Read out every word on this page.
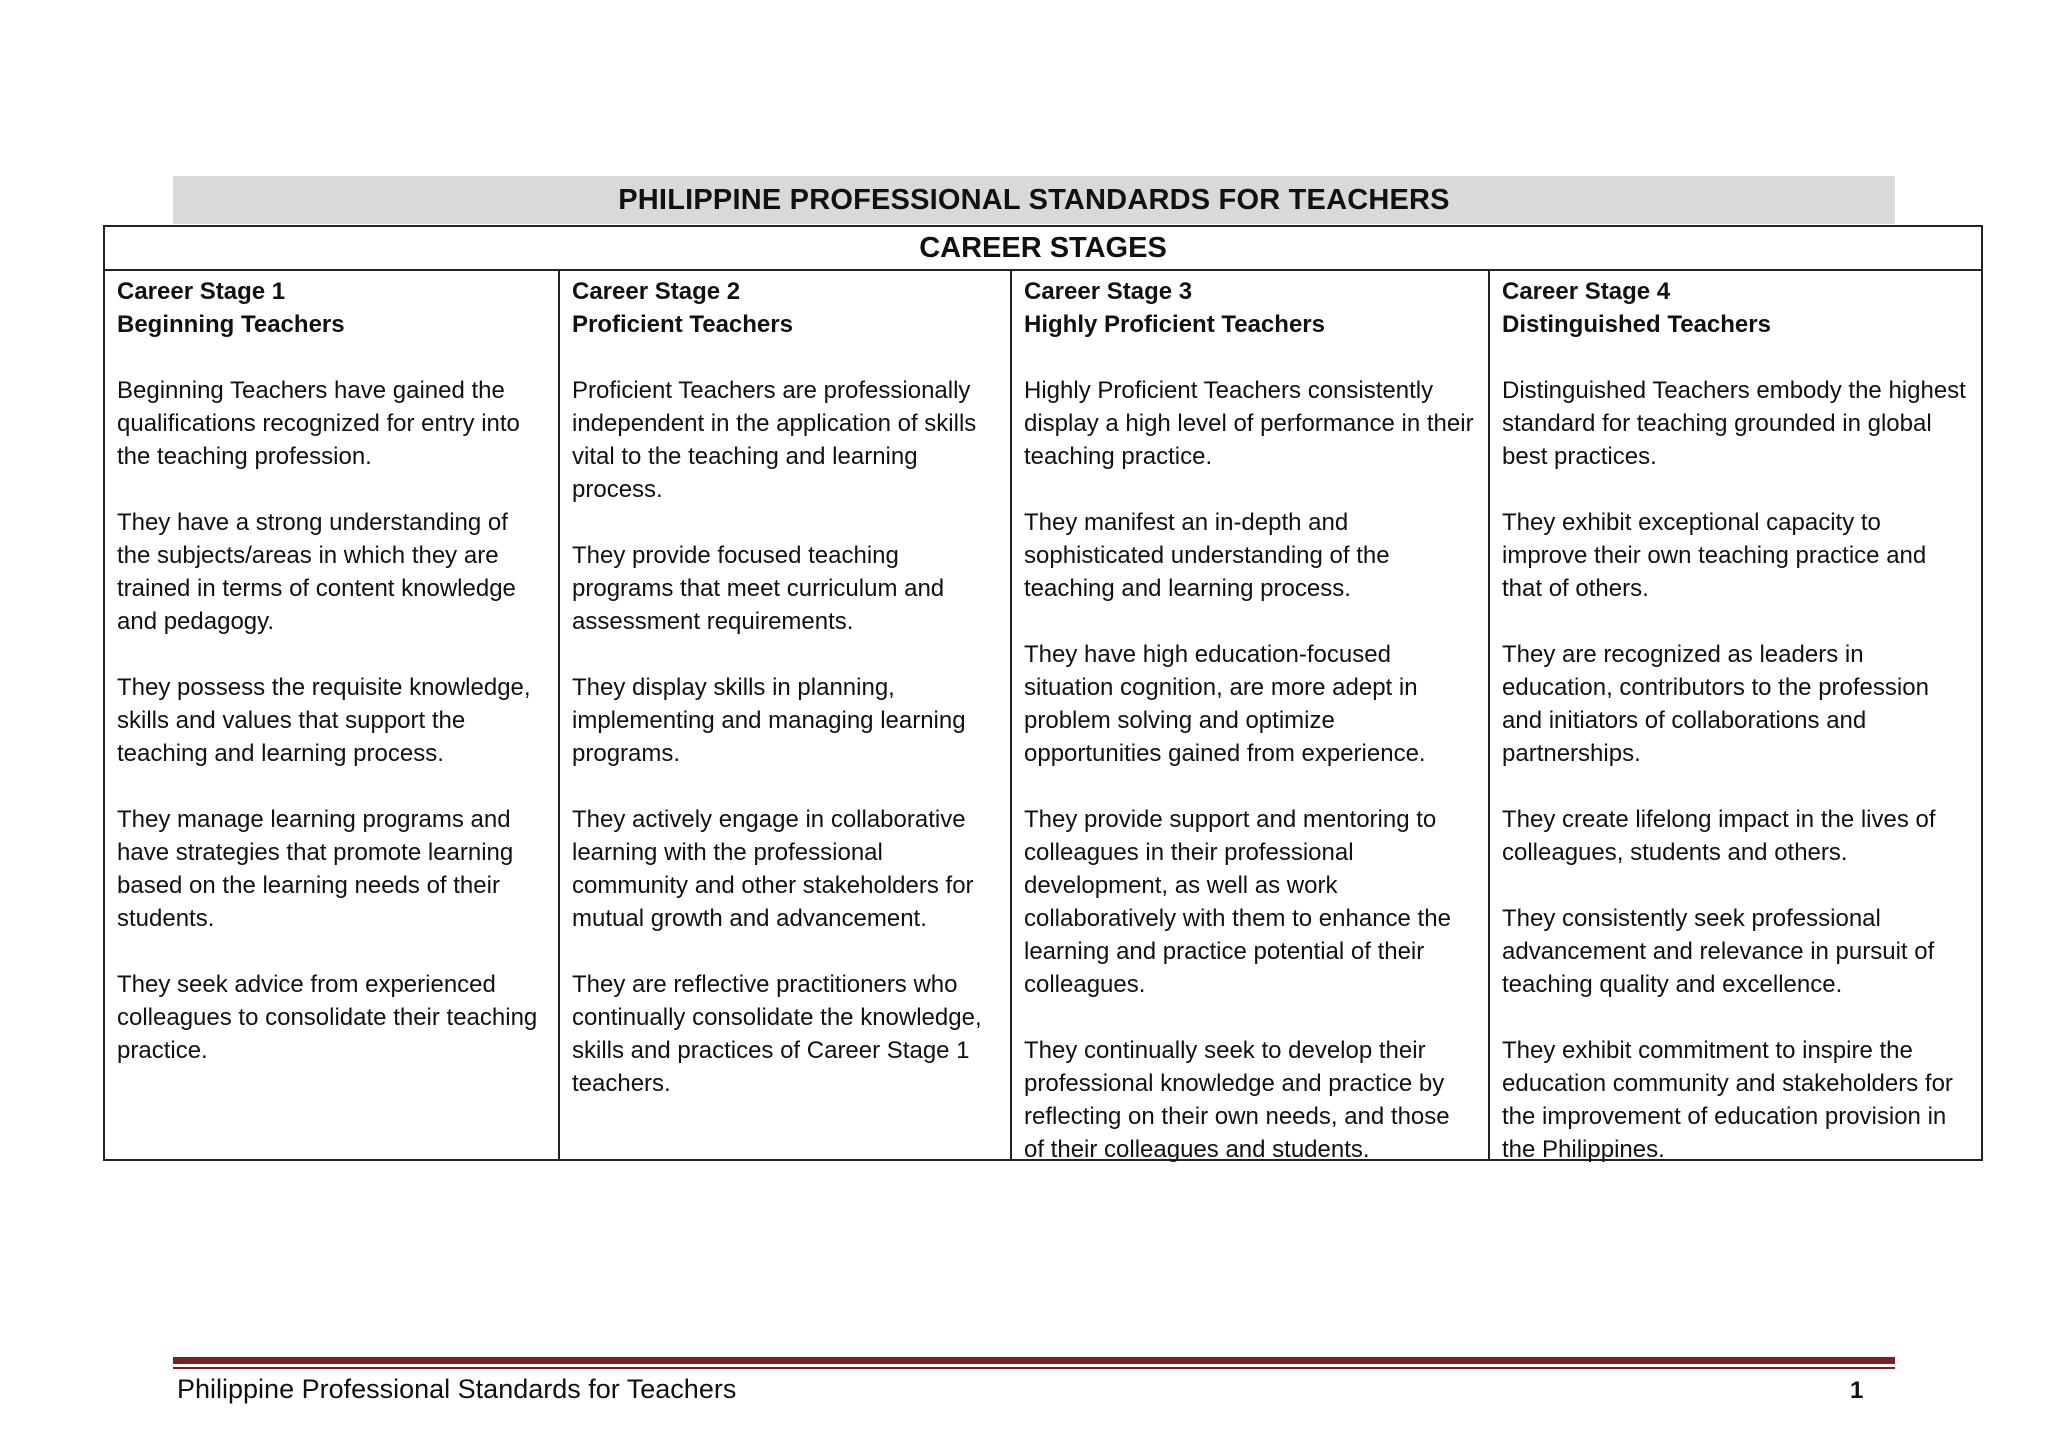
PHILIPPINE PROFESSIONAL STANDARDS FOR TEACHERS
CAREER STAGES
Career Stage 1
Beginning Teachers

Beginning Teachers have gained the qualifications recognized for entry into the teaching profession.

They have a strong understanding of the subjects/areas in which they are trained in terms of content knowledge and pedagogy.

They possess the requisite knowledge, skills and values that support the teaching and learning process.

They manage learning programs and have strategies that promote learning based on the learning needs of their students.

They seek advice from experienced colleagues to consolidate their teaching practice.

Career Stage 2
Proficient Teachers

Proficient Teachers are professionally independent in the application of skills vital to the teaching and learning process.

They provide focused teaching programs that meet curriculum and assessment requirements.

They display skills in planning, implementing and managing learning programs.

They actively engage in collaborative learning with the professional community and other stakeholders for mutual growth and advancement.

They are reflective practitioners who continually consolidate the knowledge, skills and practices of Career Stage 1 teachers.

Career Stage 3
Highly Proficient Teachers

Highly Proficient Teachers consistently display a high level of performance in their teaching practice.

They manifest an in-depth and sophisticated understanding of the teaching and learning process.

They have high education-focused situation cognition, are more adept in problem solving and optimize opportunities gained from experience.

They provide support and mentoring to colleagues in their professional development, as well as work collaboratively with them to enhance the learning and practice potential of their colleagues.

They continually seek to develop their professional knowledge and practice by reflecting on their own needs, and those of their colleagues and students.

Career Stage 4
Distinguished Teachers

Distinguished Teachers embody the highest standard for teaching grounded in global best practices.

They exhibit exceptional capacity to improve their own teaching practice and that of others.

They are recognized as leaders in education, contributors to the profession and initiators of collaborations and partnerships.

They create lifelong impact in the lives of colleagues, students and others.

They consistently seek professional advancement and relevance in pursuit of teaching quality and excellence.

They exhibit commitment to inspire the education community and stakeholders for the improvement of education provision in the Philippines.

Philippine Professional Standards for Teachers	1
